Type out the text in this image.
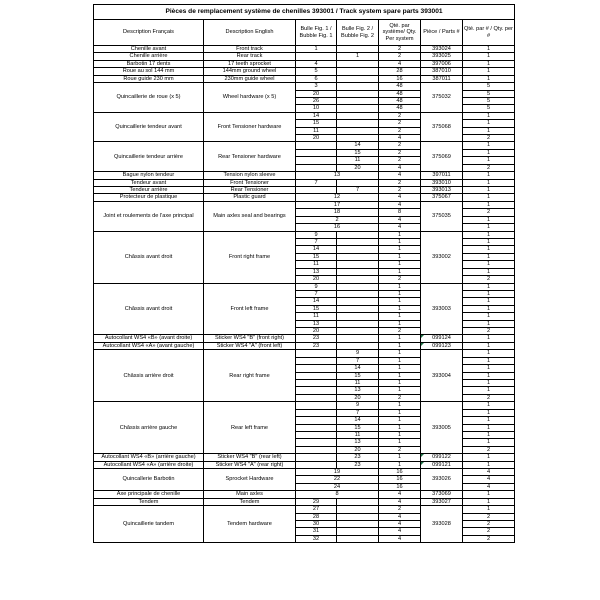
Pièces de remplacement système de chenilles 393001 / Track system spare parts 393001						
Description Français	Description English	Bulle Fig. 1 / Bubble Fig. 1	Bulle Fig. 2 / Bubble Fig. 2	Qté. par système/ Qty. Per system	Pièce / Parts #	Qté. par # / Qty. per #
Chenille avant	Front track	1		2	393024	1
Chenille arrière	Rear track		1	2	393025	1
Barbotin 17 dents	17 teeth sprocket	4		4	397006	1
Roue au sol 144 mm	144mm ground wheel	5		28	387010	1
Roue guide 230 mm	230mm guide wheel	6		16	387011	1
Quincaillerie de roue (x 5)	Wheel hardware (x 5)	3		48	375032	5
		20		48		5
		26		48		5
		10		48		5
Quincaillerie tendeur avant	Front Tensioner hardware	14		2	375068	1
		15		2		1
		11		2		1
		20		4		2
Quincaillerie tendeur arrière	Rear Tensioner hardware		14	2	375069	1
			15	2		1
			11	2		1
			20	4		2
Bague nylon tendeur	Tension nylon sleeve	13		4	397011	1
Tendeur avant	Front Tensioner	7		2	393010	1
Tendeur arrière	Rear Tensioner		7	2	393013	1
Protecteur de plastique	Plastic guard	12		4	375067	1
Joint et roulements de l'axe principal	Main axles seal and bearings	17		4	375035	1
		18		8		2
		2		4		1
		16		4		1
Châssis avant droit	Front right frame	9		1	393002	1
		7		1		1
		14		1		1
		15		1		1
		11		1		1
		13		1		1
		20		2		2
Châssis avant droit	Front left frame	9		1	393003	1
		7		1		1
		14		1		1
		15		1		1
		11		1		1
		13		1		1
		20		2		2
Autocollant WS4 «B» (avant droite)	Sticker WS4 "B" (front right)	23		1	099124	1
Autocollant WS4 «A» (avant gauche)	Sticker WS4 "A" (front left)	23		1	099123	1
Châssis arrière droit	Rear right frame		9	1	393004	1
			7	1		1
			14	1		1
			15	1		1
			11	1		1
			13	1		1
			20	2		2
Châssis arrière gauche	Rear left frame		9	1	393005	1
			7	1		1
			14	1		1
			15	1		1
			11	1		1
			13	1		1
			20	2		2
Autocollant WS4 «B» (arrière gauche)	Sticker WS4 "B" (rear left)		23	1	099122	1
Autocollant WS4 «A» (arrière droite)	Sticker WS4 "A" (rear right)		23	1	099121	1
Quincallerie Barbotin	Sprocket Hardware	19		16	393026	4
		22		16		4
		24		16		4
Axe principale de chenille	Main axles	8		4	373069	1
Tendem	Tendem	29		4	393027	1
Quincaillerie tandem	Tendem hardware	27		2	393028	1
		28		4		2
		30		4		2
		31		4		2
		32		4		2
